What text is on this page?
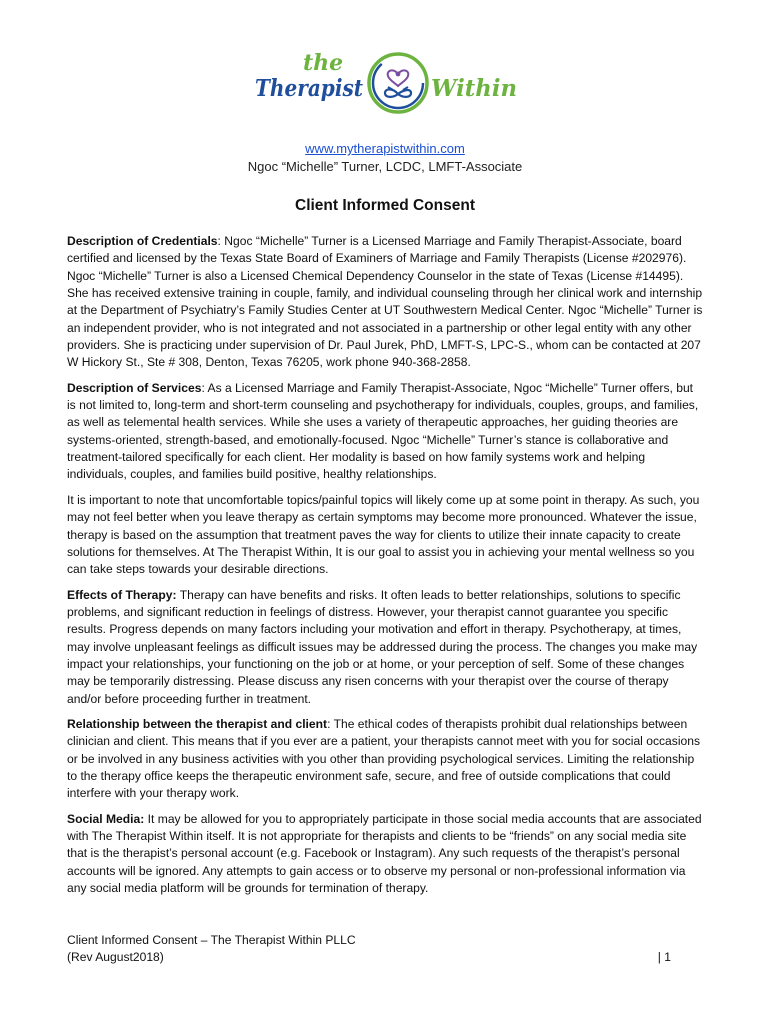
the
Therapist	Within
www.mytherapistwithin.com
Ngoc “Michelle” Turner, LCDC, LMFT-Associate
Client Informed Consent

Description of Credentials: Ngoc “Michelle” Turner is a Licensed Marriage and Family Therapist-Associate, board certified and licensed by the Texas State Board of Examiners of Marriage and Family Therapists (License #202976). Ngoc “Michelle” Turner is also a Licensed Chemical Dependency Counselor in the state of Texas (License #14495). She has received extensive training in couple, family, and individual counseling through her clinical work and internship at the Department of Psychiatry’s Family Studies Center at UT Southwestern Medical Center. Ngoc “Michelle” Turner is an independent provider, who is not integrated and not associated in a partnership or other legal entity with any other providers. She is practicing under supervision of Dr. Paul Jurek, PhD, LMFT-S, LPC-S., whom can be contacted at 207 W Hickory St., Ste # 308, Denton, Texas 76205, work phone 940-368-2858.

Description of Services: As a Licensed Marriage and Family Therapist-Associate, Ngoc “Michelle” Turner offers, but is not limited to, long-term and short-term counseling and psychotherapy for individuals, couples, groups, and families, as well as telemental health services. While she uses a variety of therapeutic approaches, her guiding theories are systems-oriented, strength-based, and emotionally-focused. Ngoc “Michelle” Turner’s stance is collaborative and treatment-tailored specifically for each client. Her modality is based on how family systems work and helping individuals, couples, and families build positive, healthy relationships.

It is important to note that uncomfortable topics/painful topics will likely come up at some point in therapy. As such, you may not feel better when you leave therapy as certain symptoms may become more pronounced. Whatever the issue, therapy is based on the assumption that treatment paves the way for clients to utilize their innate capacity to create solutions for themselves. At The Therapist Within, It is our goal to assist you in achieving your mental wellness so you can take steps towards your desirable directions.

Effects of Therapy: Therapy can have benefits and risks. It often leads to better relationships, solutions to specific problems, and significant reduction in feelings of distress. However, your therapist cannot guarantee you specific results. Progress depends on many factors including your motivation and effort in therapy. Psychotherapy, at times, may involve unpleasant feelings as difficult issues may be addressed during the process. The changes you make may impact your relationships, your functioning on the job or at home, or your perception of self. Some of these changes may be temporarily distressing. Please discuss any risen concerns with your therapist over the course of therapy and/or before proceeding further in treatment.

Relationship between the therapist and client: The ethical codes of therapists prohibit dual relationships between clinician and client. This means that if you ever are a patient, your therapists cannot meet with you for social occasions or be involved in any business activities with you other than providing psychological services. Limiting the relationship to the therapy office keeps the therapeutic environment safe, secure, and free of outside complications that could interfere with your therapy work.

Social Media: It may be allowed for you to appropriately participate in those social media accounts that are associated with The Therapist Within itself. It is not appropriate for therapists and clients to be “friends” on any social media site that is the therapist’s personal account (e.g. Facebook or Instagram). Any such requests of the therapist’s personal accounts will be ignored. Any attempts to gain access or to observe my personal or non-professional information via any social media platform will be grounds for termination of therapy.

Client Informed Consent – The Therapist Within PLLC
(Rev August2018)	| 1
